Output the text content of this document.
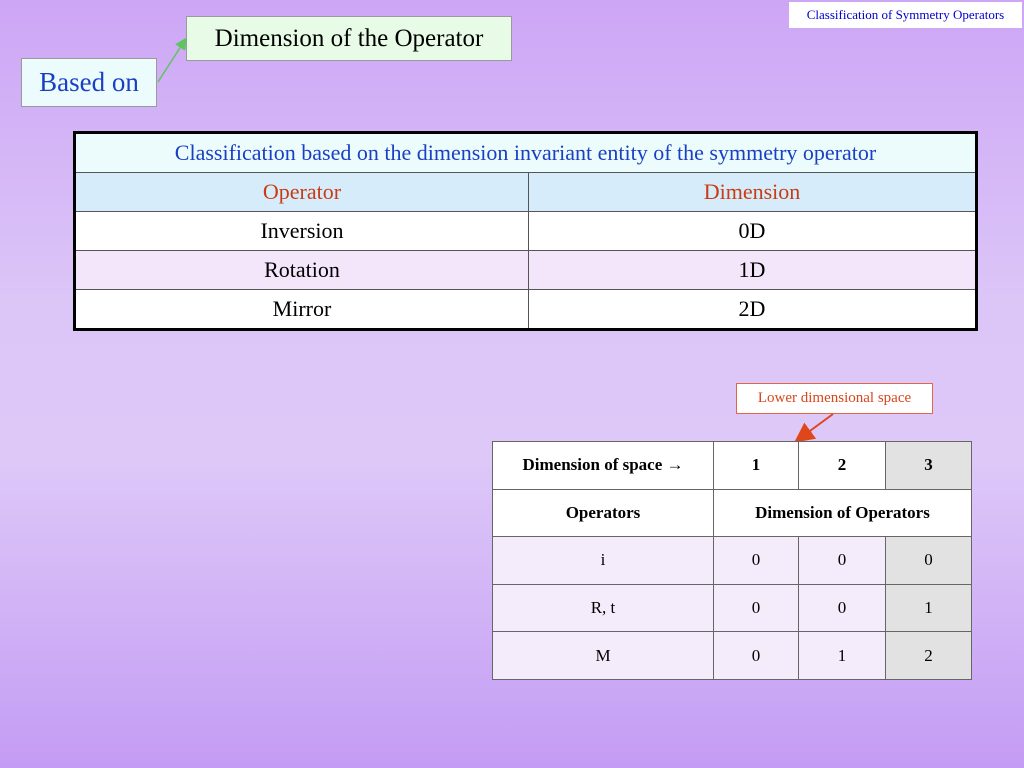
Classification of Symmetry Operators
Dimension of the Operator
Based on
Classification based on the dimension invariant entity of the symmetry operator	
Operator	Dimension
Inversion	0D
Rotation	1D
Mirror	2D
Lower dimensional space
Dimension of space →	1	2	3
Operators	Dimension of Operators		
i	0	0	0
R, t	0	0	1
M	0	1	2
